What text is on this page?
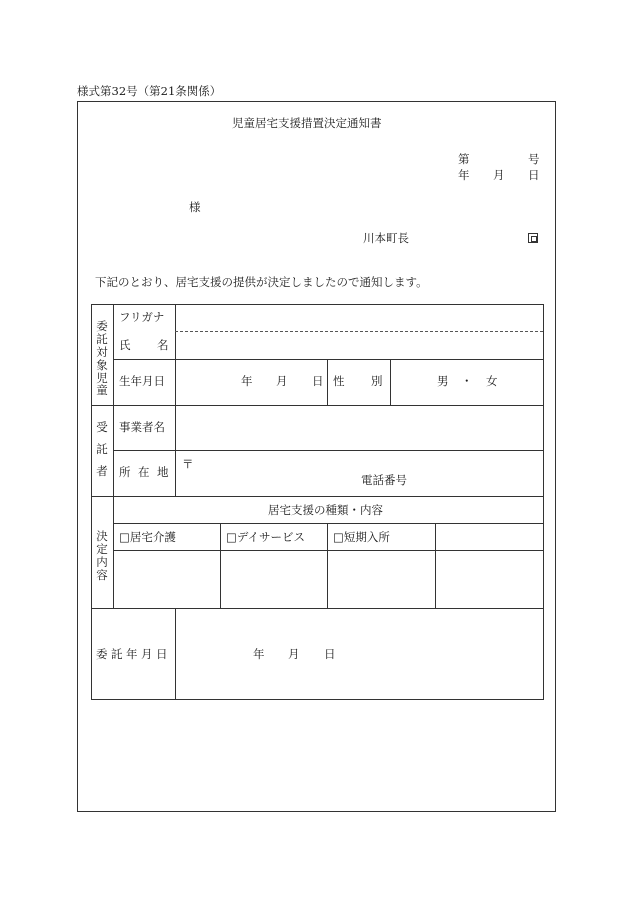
様式第32号（第21条関係）
児童居宅支援措置決定通知書
第	号
年 月 日
様
川本町長
下記のとおり、居宅支援の提供が決定しましたので通知します。
委
託
対
象
児
童
フリガナ
氏 名
生年月日	年 月 日 性 別	男 ・ 女
受
託
者
事業者名
所 在 地
〒
電話番号
決
定
内
容
居宅支援の種類・内容
□居宅介護	□デイサービス □短期入所
委 託 年 月 日	年 月 日
